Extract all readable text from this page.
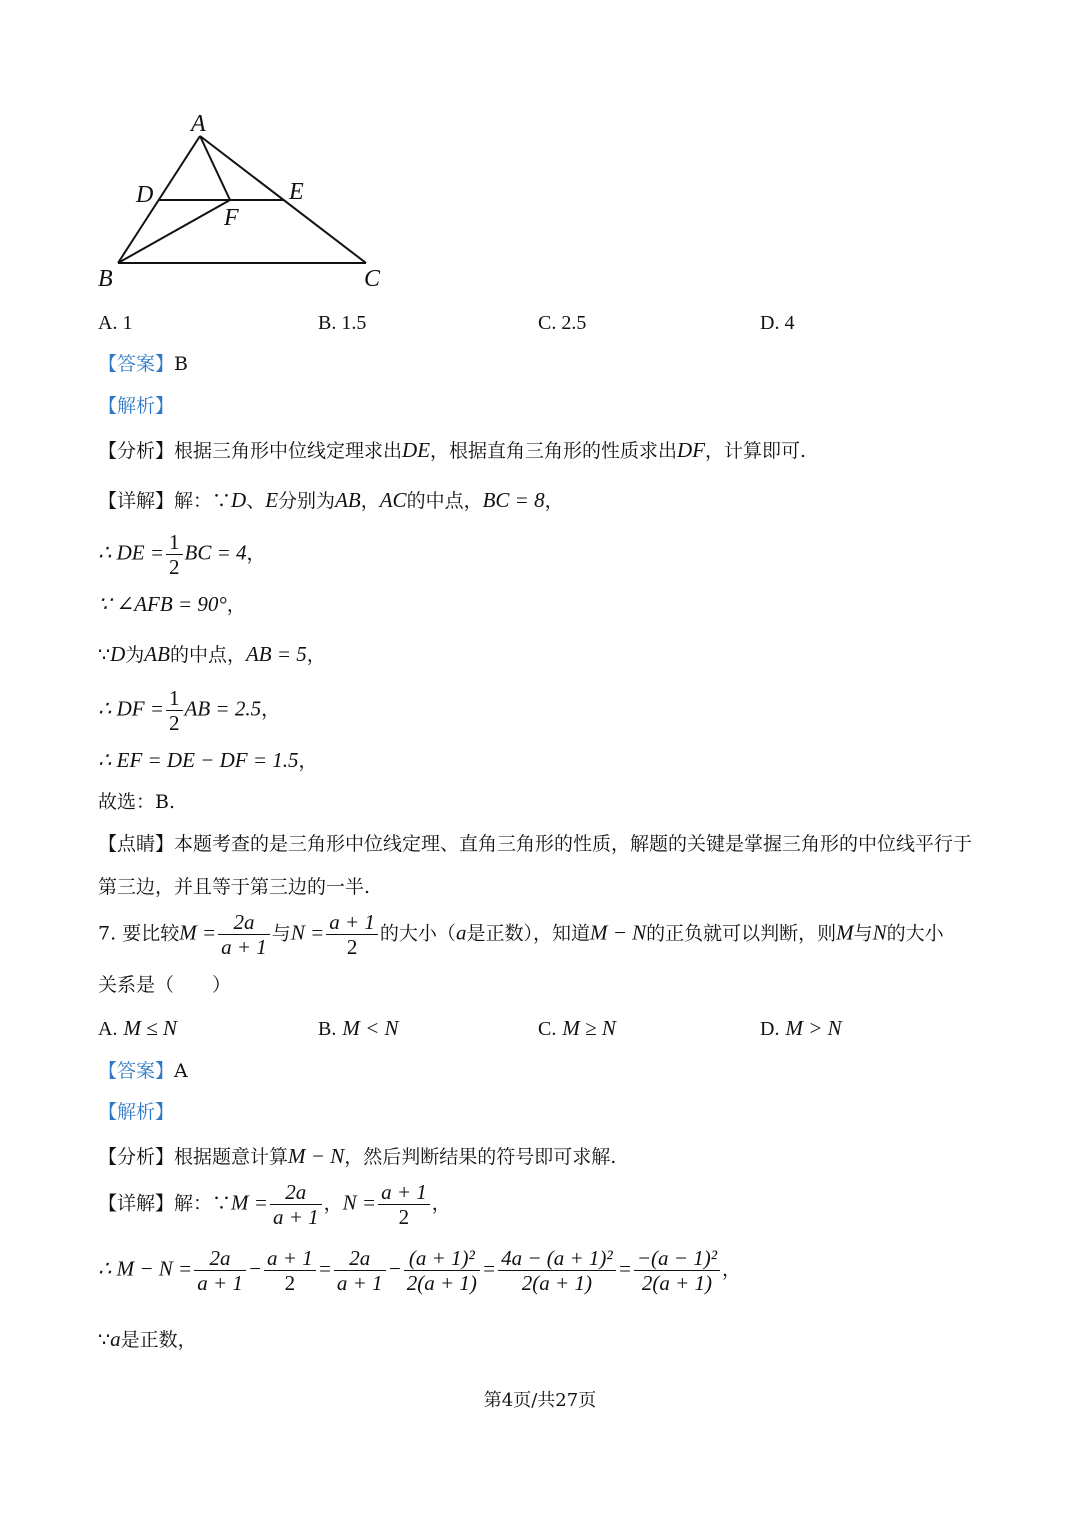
A
D	E
F
B	C
A. 1	B. 1.5	C. 2.5	D. 4
【答案】B
【解析】
【分析】根据三角形中位线定理求出DE，根据直角三角形的性质求出DF，计算即可.
【详解】解：∵D、E分别为AB，AC的中点，BC = 8，
∴ DE = $\frac{1}{2}$ BC = 4，
∵ ∠AFB = 90°，
∵D为AB的中点，AB = 5，
∴ DF = $\frac{1}{2}$ AB = 2.5，
∴ EF = DE − DF = 1.5，
故选：B.
【点睛】本题考查的是三角形中位线定理、直角三角形的性质，解题的关键是掌握三角形的中位线平行于
第三边，并且等于第三边的一半.
7. 要比较$M = \frac{2a}{a + 1}$ 与$N = \frac{a + 1}{2}$ 的大小（a是正数），知道M − N的正负就可以判断，则M与N的大小
关系是（　　）
A. M ≤ N	B. M < N	C. M ≥ N	D. M > N
【答案】A
【解析】
【分析】根据题意计算M − N，然后判断结果的符号即可求解.
【详解】解：∵M = $\frac{2a}{a + 1}$ ，$N = \frac{a + 1}{2}$ ，
∴ $M - N = \frac{2a}{a + 1} - \frac{a + 1}{2} = \frac{2a}{a + 1} - \frac{\text{(a + 1)²}}{2(a + 1)} = \frac{\text{4a − (a + 1)²}}{2(a + 1)} = \frac{\text{−(a − 1)²}}{2(a + 1)}$ ，
∵a是正数，
第4页/共27页
